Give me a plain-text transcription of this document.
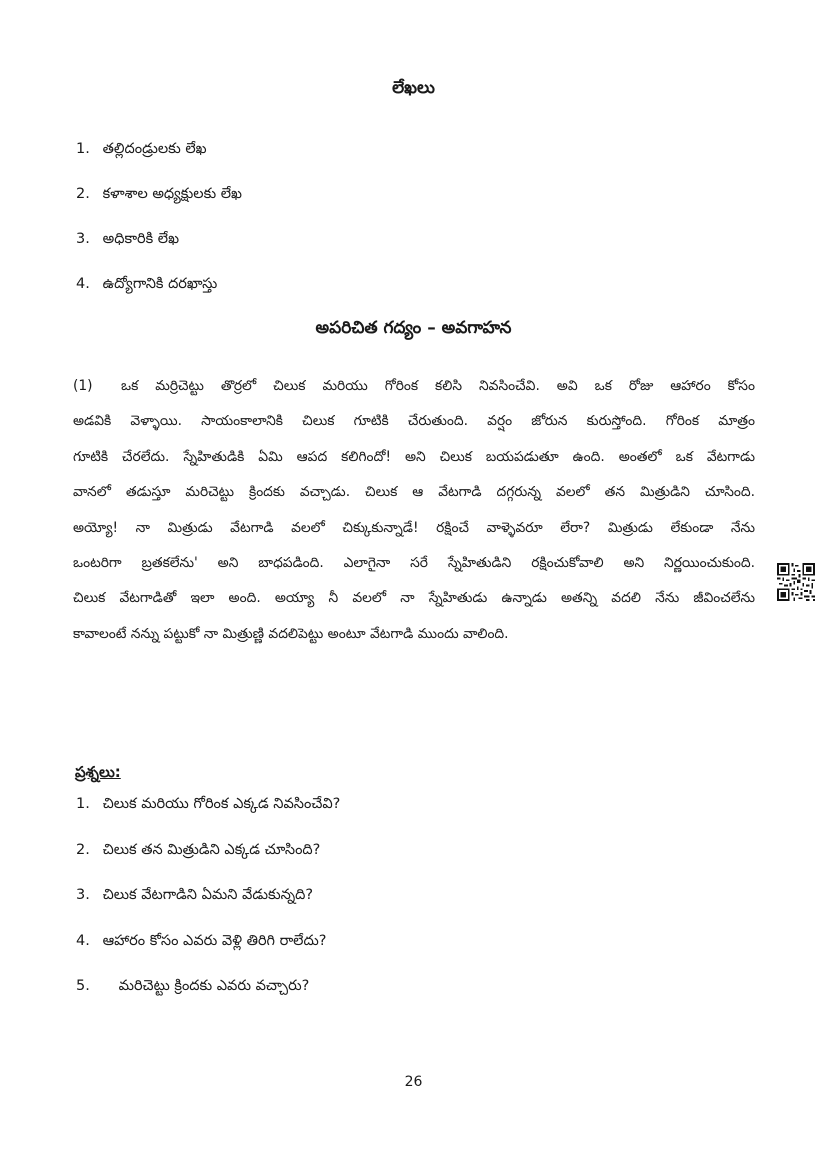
లేఖలు
1. తల్లిదండ్రులకు లేఖ
2. కళాశాల అధ్యక్షులకు లేఖ
3. అధికారికి లేఖ
4. ఉద్యోగానికి దరఖాస్తు
అపరిచిత గద్యం – అవగాహన
(1) ఒక మర్రిచెట్టు తొర్రలో చిలుక మరియు గోరింక కలిసి నివసించేవి. అవి ఒక రోజు ఆహారం కోసం
అడవికి వెళ్ళాయి. సాయంకాలానికి చిలుక గూటికి చేరుతుంది. వర్షం జోరున కురుస్తోంది. గోరింక మాత్రం
గూటికి చేరలేదు. స్నేహితుడికి ఏమి ఆపద కలిగిందో! అని చిలుక బయపడుతూ ఉంది. అంతలో ఒక వేటగాడు
వానలో తడుస్తూ మరిచెట్టు క్రిందకు వచ్చాడు. చిలుక ఆ వేటగాడి దగ్గరున్న వలలో తన మిత్రుడిని చూసింది.
అయ్యో! నా మిత్రుడు వేటగాడి వలలో చిక్కుకున్నాడే! రక్షించే వాళ్ళెవరూ లేరా? మిత్రుడు లేకుండా నేను
ఒంటరిగా బ్రతకలేను' అని బాధపడింది. ఎలాగైనా సరే స్నేహితుడిని రక్షించుకోవాలి అని నిర్ణయించుకుంది.
చిలుక వేటగాడితో ఇలా అంది. అయ్యా నీ వలలో నా స్నేహితుడు ఉన్నాడు అతన్ని వదలి నేను జీవించలేను
కావాలంటే నన్ను పట్టుకో నా మిత్రుణ్ణి వదలిపెట్టు అంటూ వేటగాడి ముందు వాలింది.
ప్రశ్నలు:
1. చిలుక మరియు గోరింక ఎక్కడ నివసించేవి?
2. చిలుక తన మిత్రుడిని ఎక్కడ చూసింది?
3. చిలుక వేటగాడిని ఏమని వేడుకున్నది?
4. ఆహారం కోసం ఎవరు వెళ్లి తిరిగి రాలేదు?
5. మరిచెట్టు క్రిందకు ఎవరు వచ్చారు?
26
